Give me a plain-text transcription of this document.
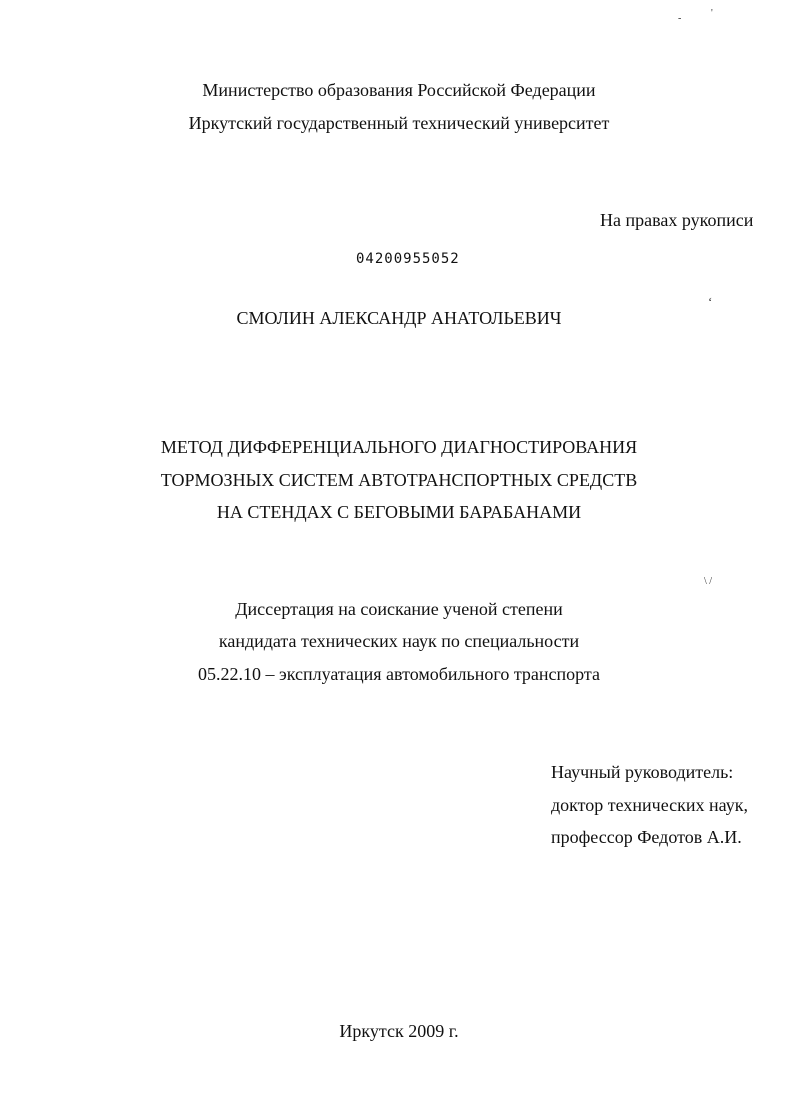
-	'
ʻ
\ /
Министерство образования Российской Федерации
Иркутский государственный технический университет
На правах рукописи
04200955052
СМОЛИН АЛЕКСАНДР АНАТОЛЬЕВИЧ
МЕТОД ДИФФЕРЕНЦИАЛЬНОГО ДИАГНОСТИРОВАНИЯ
ТОРМОЗНЫХ СИСТЕМ АВТОТРАНСПОРТНЫХ СРЕДСТВ
НА СТЕНДАХ С БЕГОВЫМИ БАРАБАНАМИ
Диссертация на соискание ученой степени
кандидата технических наук по специальности
05.22.10 – эксплуатация автомобильного транспорта
Научный руководитель:
доктор технических наук,
профессор Федотов А.И.
Иркутск 2009 г.
